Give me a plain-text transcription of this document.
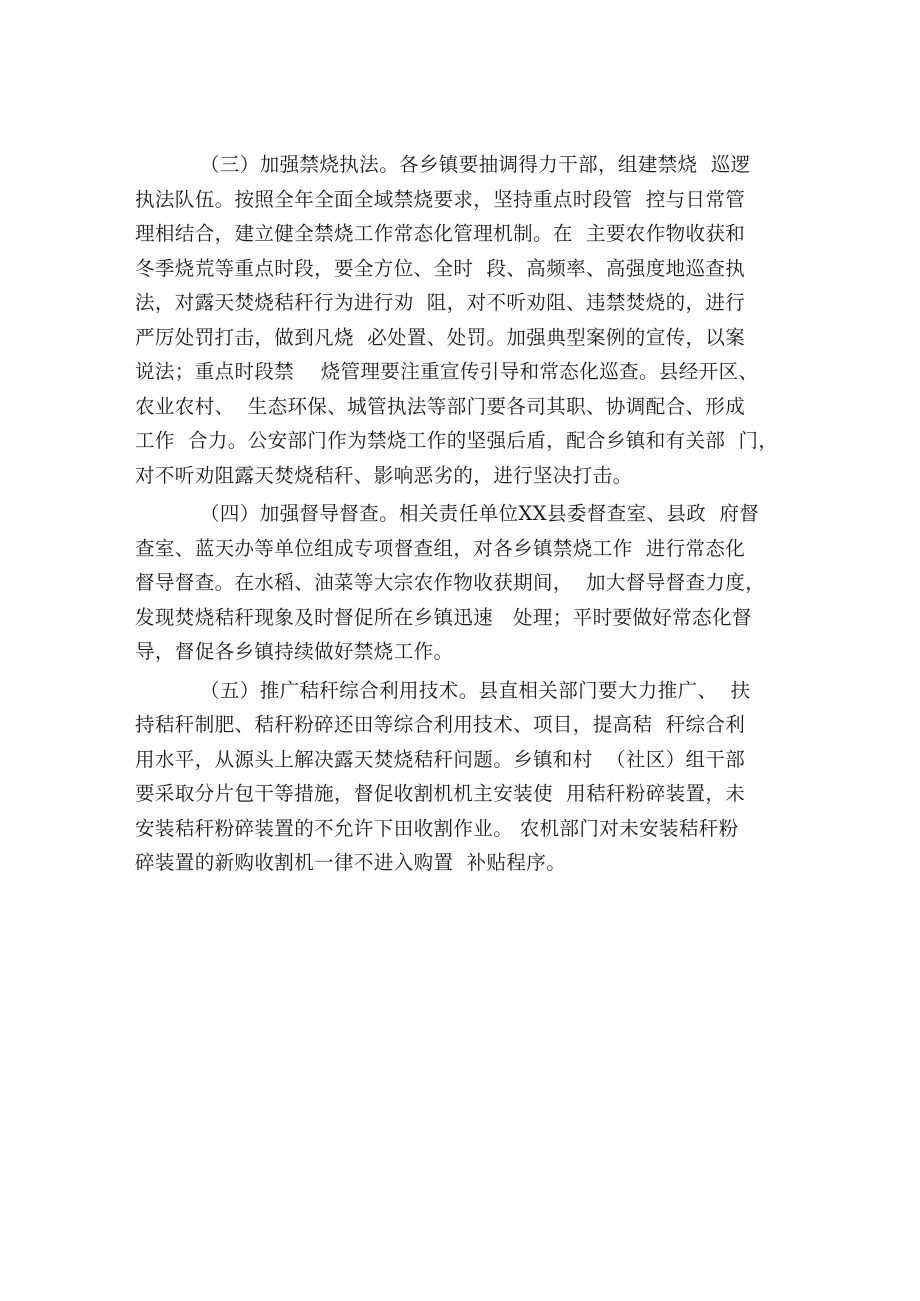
（三）加强禁烧执法。各乡镇要抽调得力干部，组建禁烧  巡逻
执法队伍。按照全年全面全域禁烧要求，坚持重点时段管  控与日常管
理相结合，建立健全禁烧工作常态化管理机制。在  主要农作物收获和
冬季烧荒等重点时段，要全方位、全时  段、高频率、高强度地巡查执
法，对露天焚烧秸秆行为进行劝  阻，对不听劝阻、违禁焚烧的，进行
严厉处罚打击，做到凡烧  必处置、处罚。加强典型案例的宣传，以案
说法；重点时段禁    烧管理要注重宣传引导和常态化巡查。县经开区、
农业农村、  生态环保、城管执法等部门要各司其职、协调配合、形成
工作  合力。公安部门作为禁烧工作的坚强后盾，配合乡镇和有关部  门，
对不听劝阻露天焚烧秸秆、影响恶劣的，进行坚决打击。
（四）加强督导督查。相关责任单位XX县委督查室、县政  府督
查室、蓝天办等单位组成专项督查组，对各乡镇禁烧工作  进行常态化
督导督查。在水稻、油菜等大宗农作物收获期间，  加大督导督查力度，
发现焚烧秸秆现象及时督促所在乡镇迅速   处理；平时要做好常态化督
导，督促各乡镇持续做好禁烧工作。
（五）推广秸秆综合利用技术。县直相关部门要大力推广、  扶
持秸秆制肥、秸秆粉碎还田等综合利用技术、项目，提高秸  秆综合利
用水平，从源头上解决露天焚烧秸秆问题。乡镇和村  （社区）组干部
要采取分片包干等措施，督促收割机机主安装使  用秸秆粉碎装置，未
安装秸秆粉碎装置的不允许下田收割作业。 农机部门对未安装秸秆粉
碎装置的新购收割机一律不进入购置  补贴程序。
